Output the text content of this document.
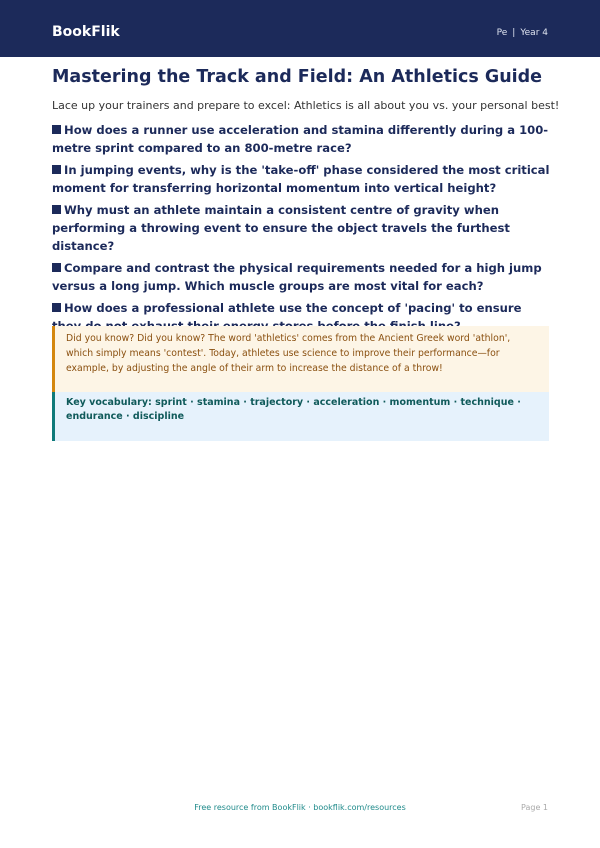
BookFlik	Pe | Year 4
Mastering the Track and Field: An Athletics Guide

Lace up your trainers and prepare to excel: Athletics is all about you vs. your personal best!

How does a runner use acceleration and stamina differently during a 100-metre sprint compared to an 800-metre race?
In jumping events, why is the 'take-off' phase considered the most critical moment for transferring horizontal momentum into vertical height?
Why must an athlete maintain a consistent centre of gravity when performing a throwing event to ensure the object travels the furthest distance?
Compare and contrast the physical requirements needed for a high jump versus a long jump. Which muscle groups are most vital for each?
How does a professional athlete use the concept of 'pacing' to ensure
Did you know? Did you know? The word 'athletics' comes from the Ancient Greek word 'athlon', which simply means 'contest'. Today, athletes use science to improve their performance—for example, by adjusting the angle of their arm to increase the distance of a throw!
Key vocabulary: sprint · stamina · trajectory · acceleration · momentum · technique · endurance · discipline
Free resource from BookFlik · bookflik.com/resources	Page 1
